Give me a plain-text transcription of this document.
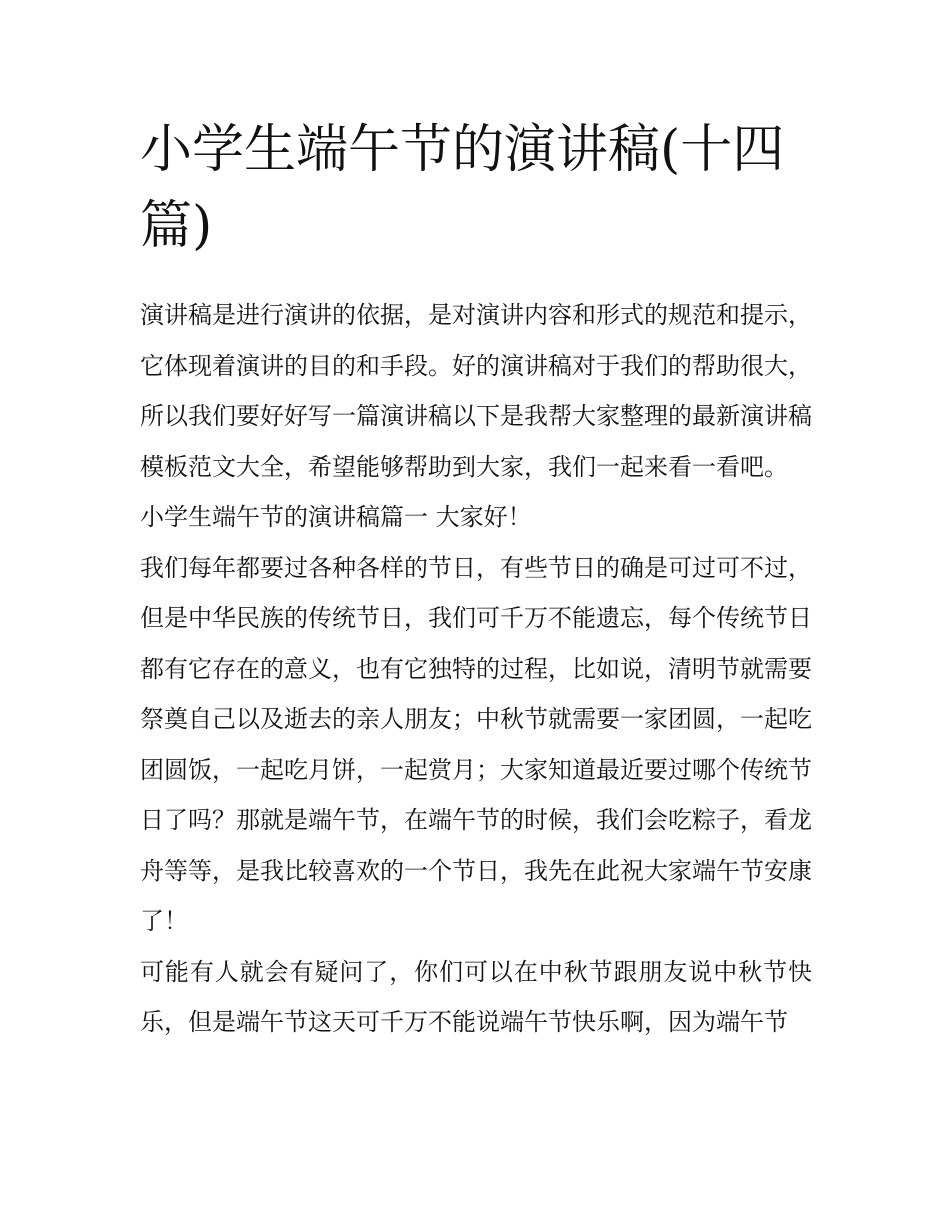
小学生端午节的演讲稿(十四篇)

演讲稿是进行演讲的依据，是对演讲内容和形式的规范和提示，它体现着演讲的目的和手段。好的演讲稿对于我们的帮助很大，所以我们要好好写一篇演讲稿以下是我帮大家整理的最新演讲稿模板范文大全，希望能够帮助到大家，我们一起来看一看吧。

小学生端午节的演讲稿篇一 大家好！

我们每年都要过各种各样的节日，有些节日的确是可过可不过，但是中华民族的传统节日，我们可千万不能遗忘，每个传统节日都有它存在的意义，也有它独特的过程，比如说，清明节就需要祭奠自己以及逝去的亲人朋友；中秋节就需要一家团圆，一起吃团圆饭，一起吃月饼，一起赏月；大家知道最近要过哪个传统节日了吗？那就是端午节，在端午节的时候，我们会吃粽子，看龙舟等等，是我比较喜欢的一个节日，我先在此祝大家端午节安康了！

可能有人就会有疑问了，你们可以在中秋节跟朋友说中秋节快乐，但是端午节这天可千万不能说端午节快乐啊，因为端午节
